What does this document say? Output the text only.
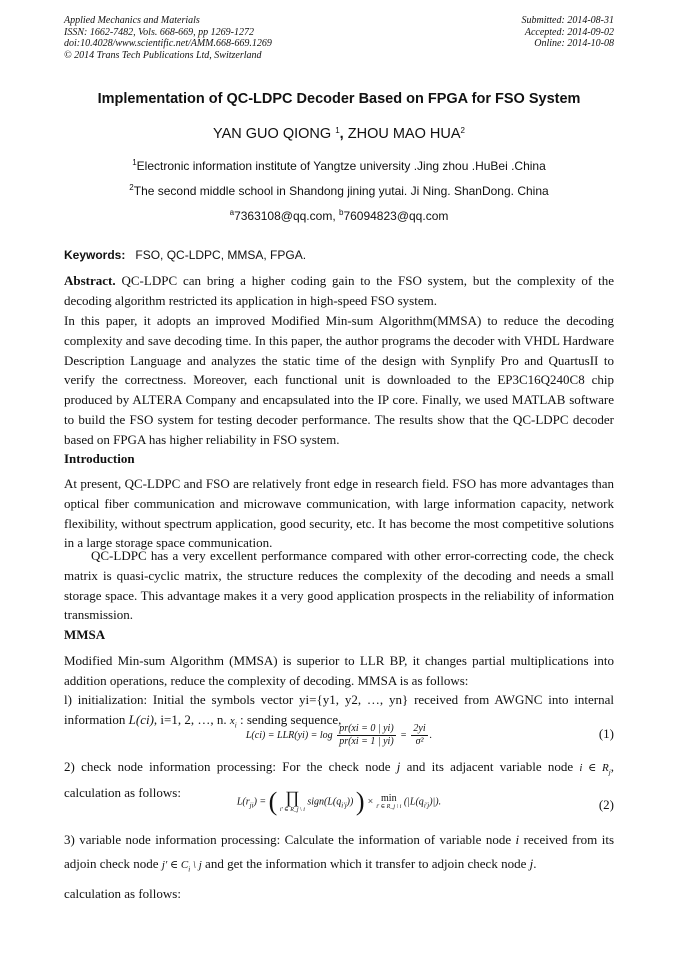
Applied Mechanics and Materials
ISSN: 1662-7482, Vols. 668-669, pp 1269-1272
doi:10.4028/www.scientific.net/AMM.668-669.1269
© 2014 Trans Tech Publications Ltd, Switzerland
Submitted: 2014-08-31
Accepted: 2014-09-02
Online: 2014-10-08
Implementation of QC-LDPC Decoder Based on FPGA for FSO System
YAN GUO QIONG $^1$, ZHOU MAO HUA$^2$
$^1$Electronic information institute of Yangtze university .Jing zhou .HuBei .China
$^2$The second middle school in Shandong jining yutai. Ji Ning. ShanDong. China
$^a$7363108@qq.com, $^b$76094823@qq.com
Keywords: FSO, QC-LDPC, MMSA, FPGA.
Abstract. QC-LDPC can bring a higher coding gain to the FSO system, but the complexity of the decoding algorithm restricted its application in high-speed FSO system.
In this paper, it adopts an improved Modified Min-sum Algorithm(MMSA) to reduce the decoding complexity and save decoding time. In this paper, the author programs the decoder with VHDL Hardware Description Language and analyzes the static time of the design with Synplify Pro and QuartusII to verify the correctness. Moreover, each functional unit is downloaded to the EP3C16Q240C8 chip produced by ALTERA Company and encapsulated into the IP core. Finally, we used MATLAB software to build the FSO system for testing decoder performance. The results show that the QC-LDPC decoder based on FPGA has higher reliability in FSO system.
Introduction
At present, QC-LDPC and FSO are relatively front edge in research field. FSO has more advantages than optical fiber communication and microwave communication, with large information capacity, network flexibility, without spectrum application, good security, etc. It has become the most competitive solutions in a large storage space communication.
QC-LDPC has a very excellent performance compared with other error-correcting code, the check matrix is quasi-cyclic matrix, the structure reduces the complexity of the decoding and needs a small storage space. This advantage makes it a very good application prospects in the reliability of information transmission.
MMSA
Modified Min-sum Algorithm (MMSA) is superior to LLR BP, it changes partial multiplications into addition operations, reduce the complexity of decoding. MMSA is as follows:
l) initialization: Initial the symbols vector yi={y1, y2, …, yn} received from AWGNC into internal information L(ci), i=1, 2, …, n. $x_i$ : sending sequence,
$L(ci) = LLR(yi) = \log \frac{pr(xi = 0 | yi)}{pr(xi = 1 | yi)} = \frac{2yi}{\text{σ²}}$ .	(1)
2) check node information processing: For the check node j and its adjacent variable node i ∈ $R_j$, calculation as follows:
$L(r_{ji})$ = ( ∏
i' ∈ R_j \ i
$sign(L(q_{i'j}))$ ) × min
i' ∈ R_j \ i $(|L(q_{i'j})|)$.	(2)
3) variable node information processing: Calculate the information of variable node i received from its adjoin check node j' ∈ $C_i$ \ j and get the information which it transfer to adjoin check node j.
calculation as follows:
